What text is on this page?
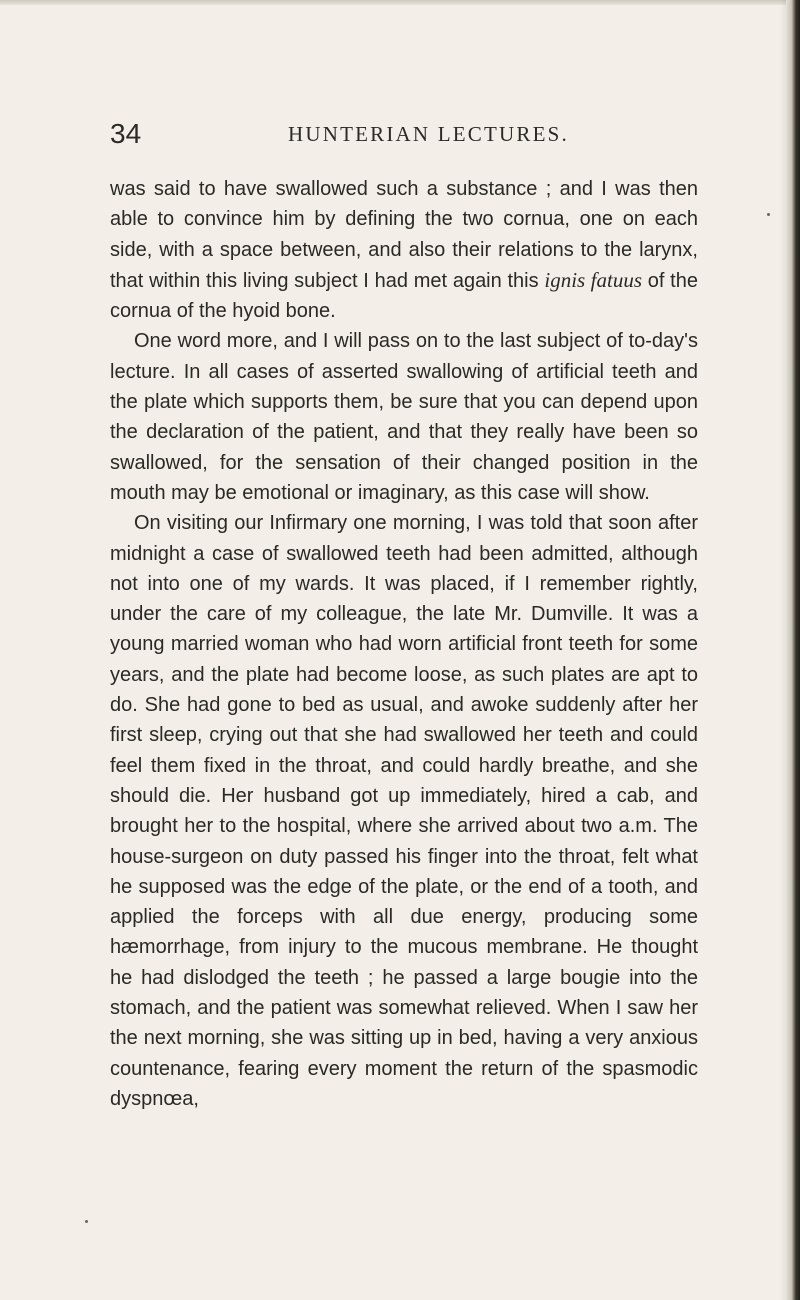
34	HUNTERIAN LECTURES.

was said to have swallowed such a substance ; and I was then able to convince him by defining the two cornua, one on each side, with a space between, and also their relations to the larynx, that within this living subject I had met again this ignis fatuus of the cornua of the hyoid bone.

One word more, and I will pass on to the last subject of to-day's lecture. In all cases of asserted swallowing of artificial teeth and the plate which supports them, be sure that you can depend upon the declaration of the patient, and that they really have been so swallowed, for the sensation of their changed position in the mouth may be emotional or imaginary, as this case will show.

On visiting our Infirmary one morning, I was told that soon after midnight a case of swallowed teeth had been admitted, although not into one of my wards. It was placed, if I remember rightly, under the care of my colleague, the late Mr. Dumville. It was a young married woman who had worn artificial front teeth for some years, and the plate had become loose, as such plates are apt to do. She had gone to bed as usual, and awoke suddenly after her first sleep, crying out that she had swallowed her teeth and could feel them fixed in the throat, and could hardly breathe, and she should die. Her husband got up immediately, hired a cab, and brought her to the hospital, where she arrived about two a.m. The house-surgeon on duty passed his finger into the throat, felt what he supposed was the edge of the plate, or the end of a tooth, and applied the forceps with all due energy, producing some hæmorrhage, from injury to the mucous membrane. He thought he had dislodged the teeth ; he passed a large bougie into the stomach, and the patient was somewhat relieved. When I saw her the next morning, she was sitting up in bed, having a very anxious countenance, fearing every moment the return of the spasmodic dyspnœa,
